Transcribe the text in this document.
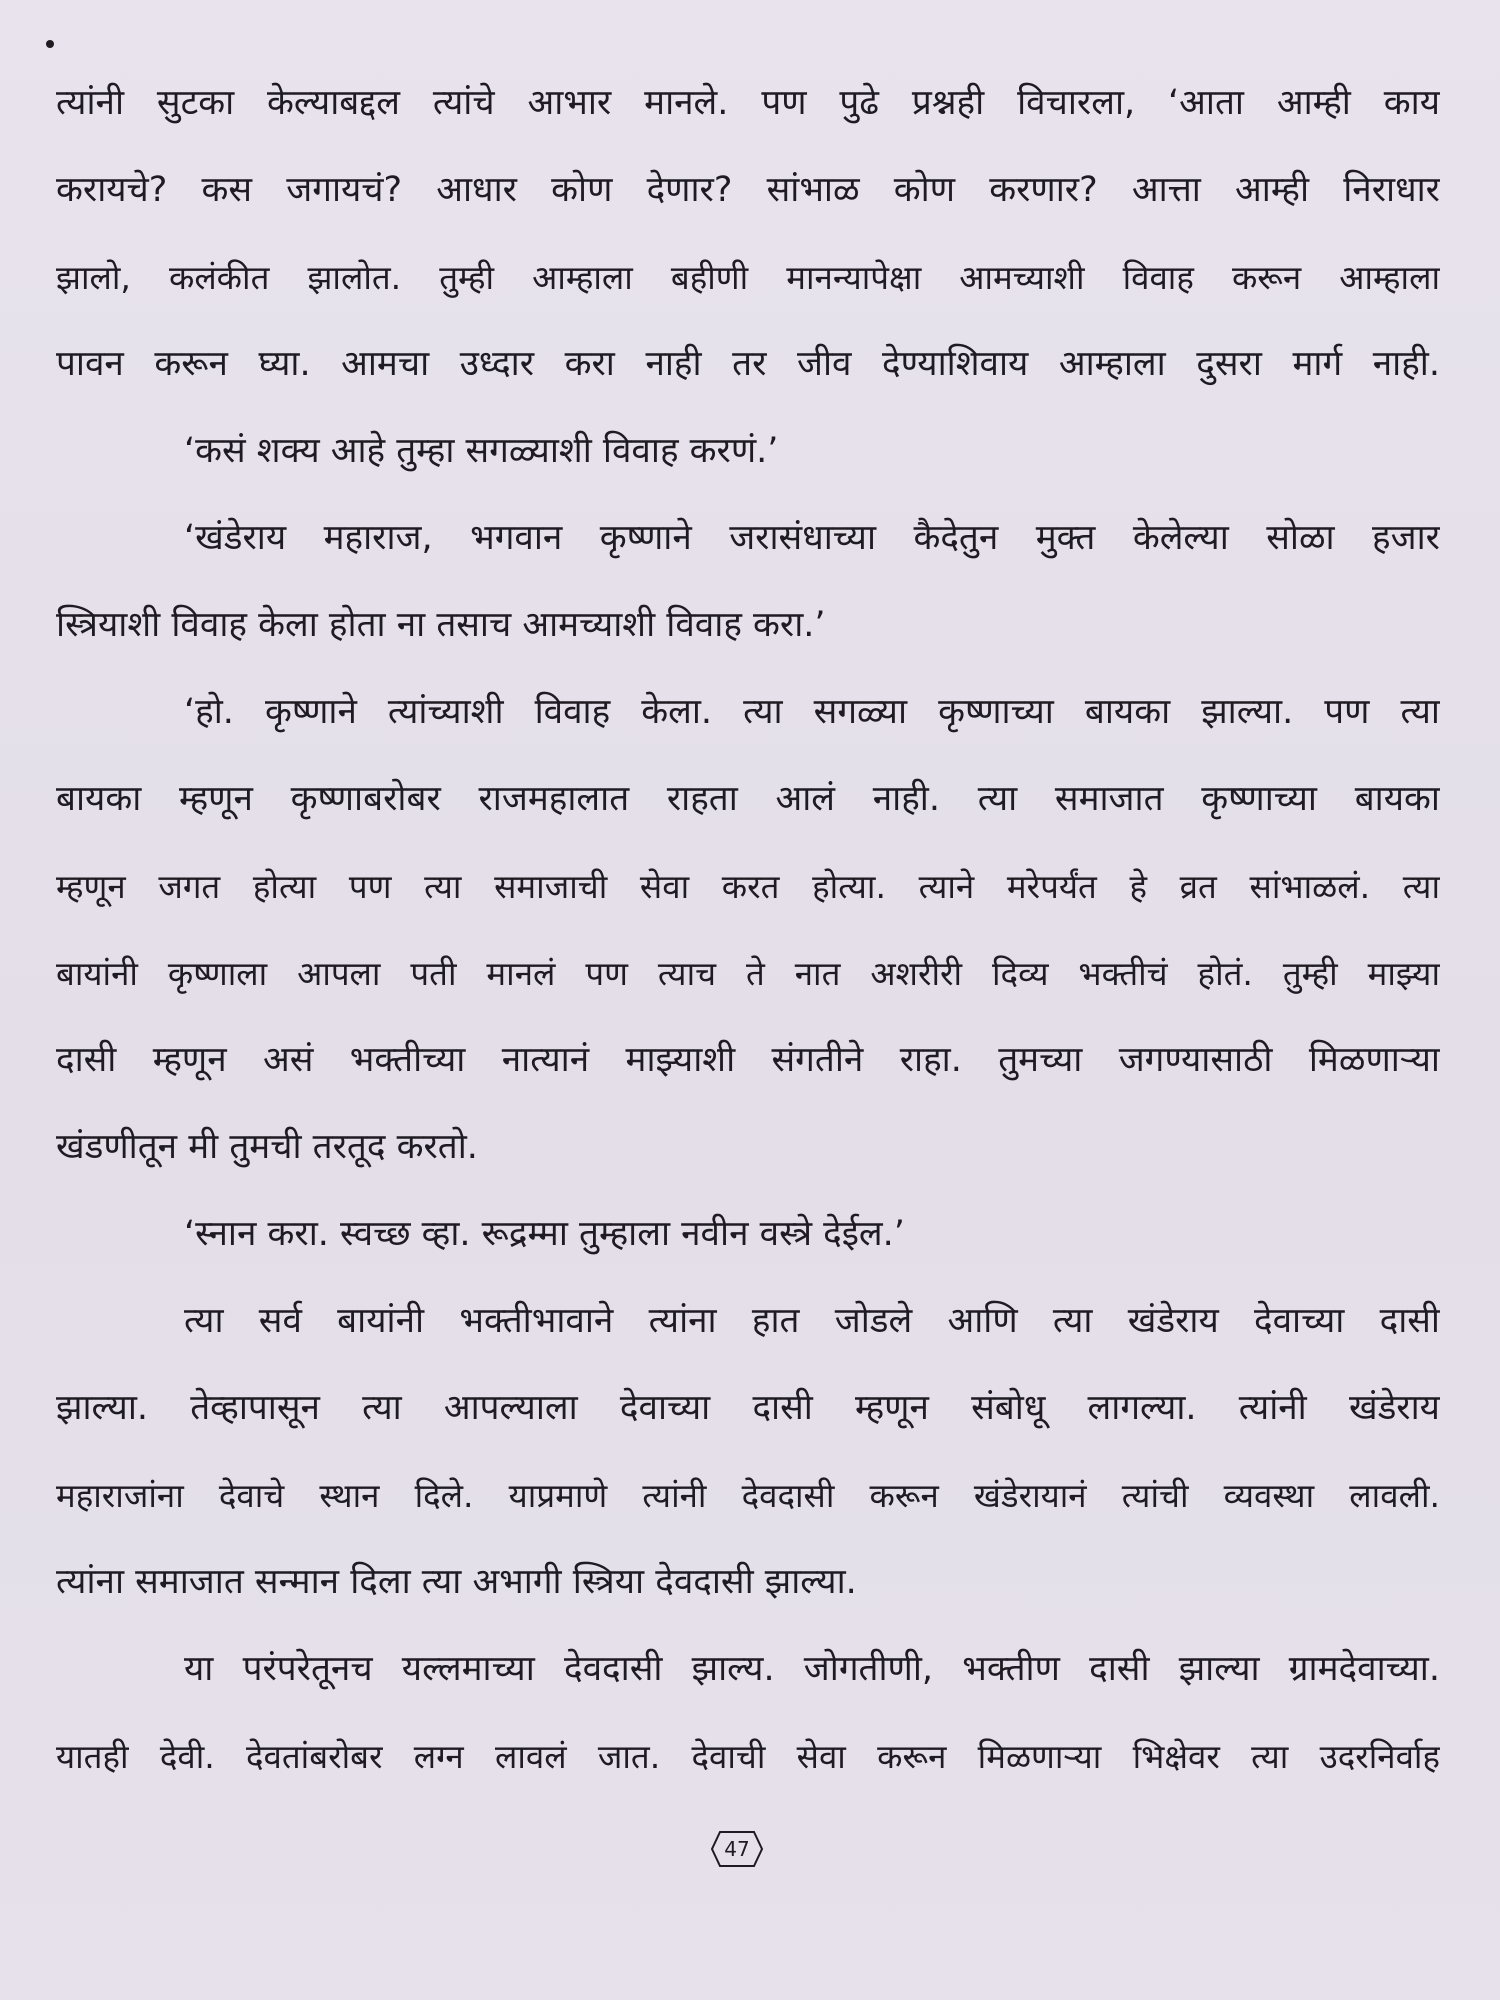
त्यांनी सुटका केल्याबद्दल त्यांचे आभार मानले. पण पुढे प्रश्नही विचारला, ‘आता आम्ही काय
करायचे? कस जगायचं? आधार कोण देणार? सांभाळ कोण करणार? आत्ता आम्ही निराधार
झालो, कलंकीत झालोत. तुम्ही आम्हाला बहीणी मानन्यापेक्षा आमच्याशी विवाह करून आम्हाला
पावन करून घ्या. आमचा उध्दार करा नाही तर जीव देण्याशिवाय आम्हाला दुसरा मार्ग नाही.
‘कसं शक्य आहे तुम्हा सगळ्याशी विवाह करणं.’
‘खंडेराय महाराज, भगवान कृष्णाने जरासंधाच्या कैदेतुन मुक्त केलेल्या सोळा हजार
स्त्रियाशी विवाह केला होता ना तसाच आमच्याशी विवाह करा.’
‘हो. कृष्णाने त्यांच्याशी विवाह केला. त्या सगळ्या कृष्णाच्या बायका झाल्या. पण त्या
बायका म्हणून कृष्णाबरोबर राजमहालात राहता आलं नाही. त्या समाजात कृष्णाच्या बायका
म्हणून जगत होत्या पण त्या समाजाची सेवा करत होत्या. त्याने मरेपर्यंत हे व्रत सांभाळलं. त्या
बायांनी कृष्णाला आपला पती मानलं पण त्याच ते नात अशरीरी दिव्य भक्तीचं होतं. तुम्ही माझ्या
दासी म्हणून असं भक्तीच्या नात्यानं माझ्याशी संगतीने राहा. तुमच्या जगण्यासाठी मिळणाऱ्या
खंडणीतून मी तुमची तरतूद करतो.
‘स्नान करा. स्वच्छ व्हा. रूद्रम्मा तुम्हाला नवीन वस्त्रे देईल.’
त्या सर्व बायांनी भक्तीभावाने त्यांना हात जोडले आणि त्या खंडेराय देवाच्या दासी
झाल्या. तेव्हापासून त्या आपल्याला देवाच्या दासी म्हणून संबोधू लागल्या. त्यांनी खंडेराय
महाराजांना देवाचे स्थान दिले. याप्रमाणे त्यांनी देवदासी करून खंडेरायानं त्यांची व्यवस्था लावली.
त्यांना समाजात सन्मान दिला त्या अभागी स्त्रिया देवदासी झाल्या.
या परंपरेतूनच यल्लमाच्या देवदासी झाल्य. जोगतीणी, भक्तीण दासी झाल्या ग्रामदेवाच्या.
यातही देवी. देवतांबरोबर लग्न लावलं जात. देवाची सेवा करून मिळणाऱ्या भिक्षेवर त्या उदरनिर्वाह
47
